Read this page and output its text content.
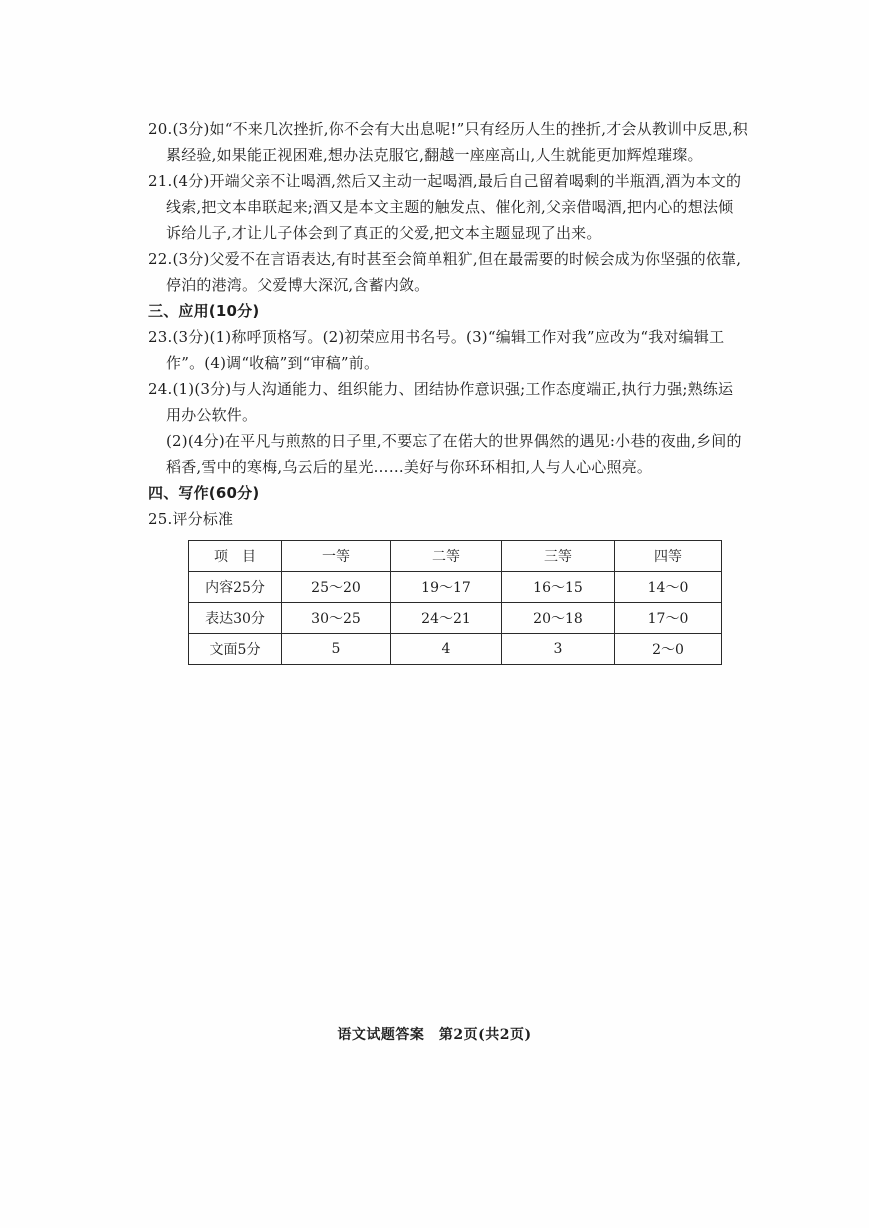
20.(3分)如“不来几次挫折,你不会有大出息呢!”只有经历人生的挫折,才会从教训中反思,积累经验,如果能正视困难,想办法克服它,翻越一座座高山,人生就能更加辉煌璀璨。

21.(4分)开端父亲不让喝酒,然后又主动一起喝酒,最后自己留着喝剩的半瓶酒,酒为本文的线索,把文本串联起来;酒又是本文主题的触发点、催化剂,父亲借喝酒,把内心的想法倾诉给儿子,才让儿子体会到了真正的父爱,把文本主题显现了出来。

22.(3分)父爱不在言语表达,有时甚至会简单粗犷,但在最需要的时候会成为你坚强的依靠,停泊的港湾。父爱博大深沉,含蓄内敛。

三、应用(10分)

23.(3分)(1)称呼顶格写。(2)初荣应用书名号。(3)“编辑工作对我”应改为“我对编辑工作”。(4)调“收稿”到“审稿”前。

24.(1)(3分)与人沟通能力、组织能力、团结协作意识强;工作态度端正,执行力强;熟练运用办公软件。

(2)(4分)在平凡与煎熬的日子里,不要忘了在偌大的世界偶然的遇见:小巷的夜曲,乡间的稻香,雪中的寒梅,乌云后的星光……美好与你环环相扣,人与人心心照亮。

四、写作(60分)

25.评分标准

项　目	一等	二等	三等	四等
内容25分	25～20	19～17	16～15	14～0
表达30分	30～25	24～21	20～18	17～0
文面5分	5	4	3	2～0
语文试题答案　第2页(共2页)
